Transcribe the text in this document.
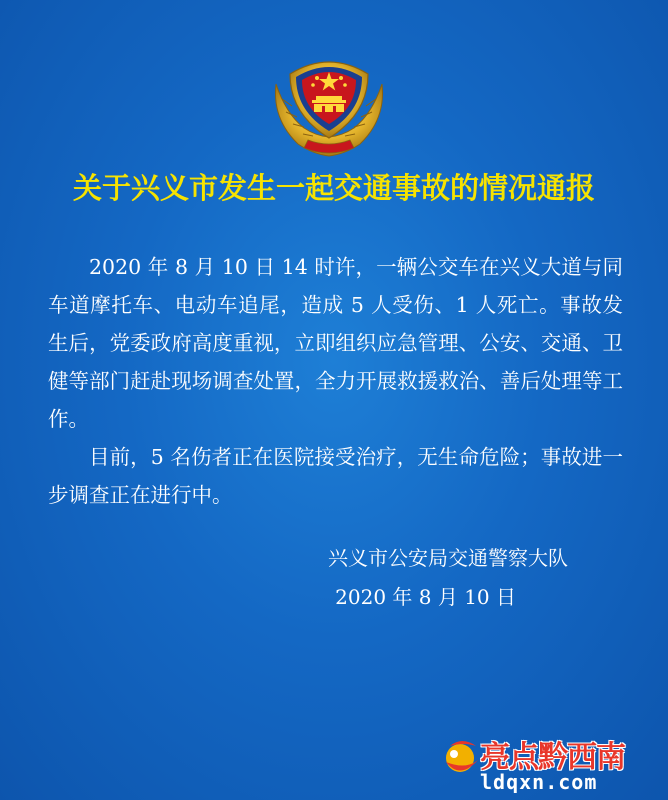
关于兴义市发生一起交通事故的情况通报

2020 年 8 月 10 日 14 时许，一辆公交车在兴义大道与同车道摩托车、电动车追尾，造成 5 人受伤、1 人死亡。事故发生后，党委政府高度重视，立即组织应急管理、公安、交通、卫健等部门赶赴现场调查处置，全力开展救援救治、善后处理等工作。

目前，5 名伤者正在医院接受治疗，无生命危险；事故进一步调查正在进行中。

兴义市公安局交通警察大队
2020 年 8 月 10 日
亮点黔西南
ldqxn.com
